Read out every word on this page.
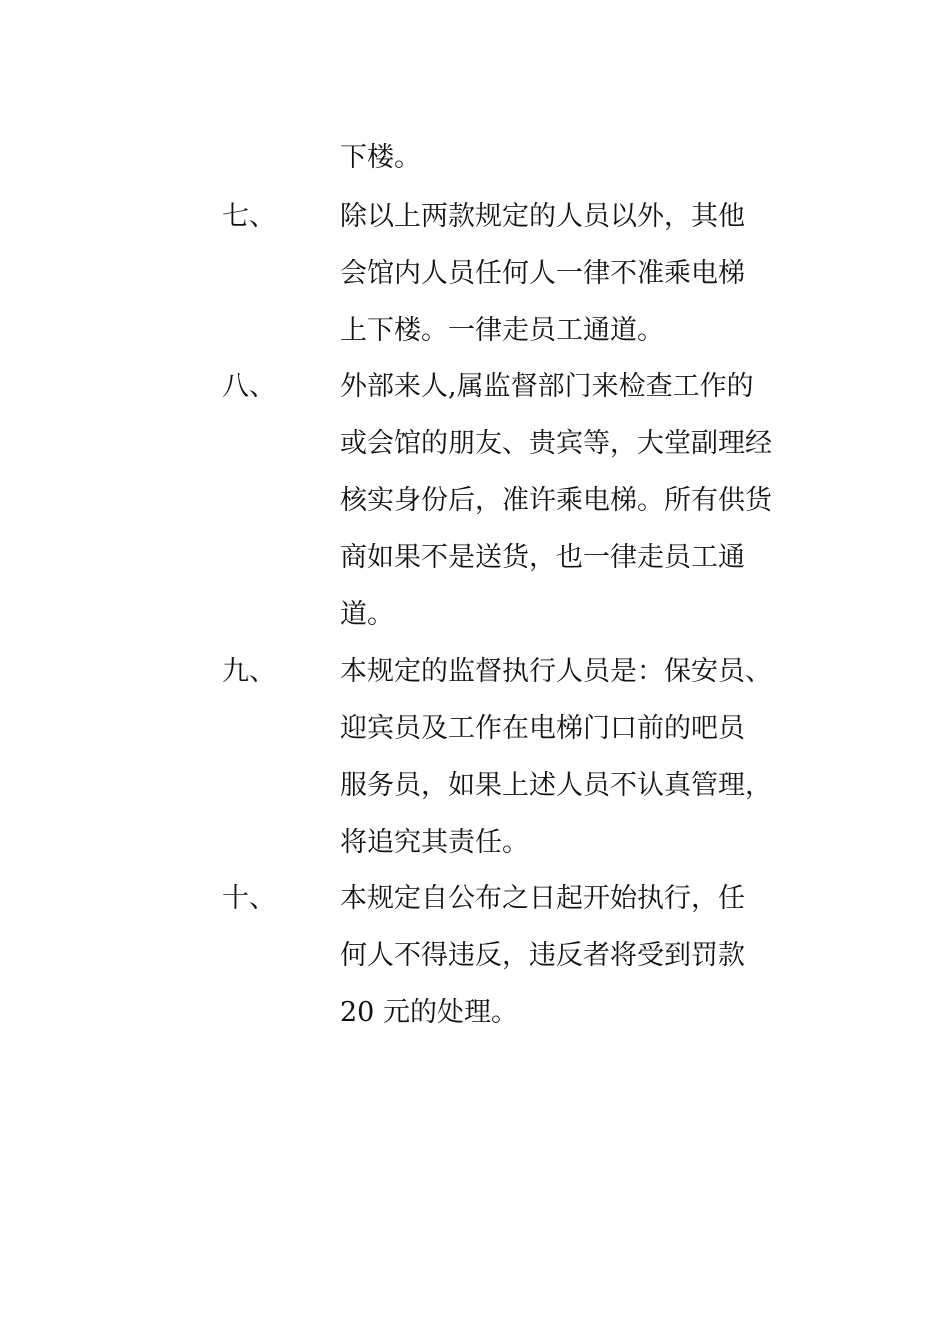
下楼。
七、 除以上两款规定的人员以外，其他
会馆内人员任何人一律不准乘电梯
上下楼。一律走员工通道。
八、 外部来人,属监督部门来检查工作的
或会馆的朋友、贵宾等，大堂副理经
核实身份后，准许乘电梯。所有供货
商如果不是送货，也一律走员工通
道。
九、 本规定的监督执行人员是：保安员、
迎宾员及工作在电梯门口前的吧员
服务员，如果上述人员不认真管理，
将追究其责任。
十、 本规定自公布之日起开始执行，任
何人不得违反，违反者将受到罚款
20 元的处理。
